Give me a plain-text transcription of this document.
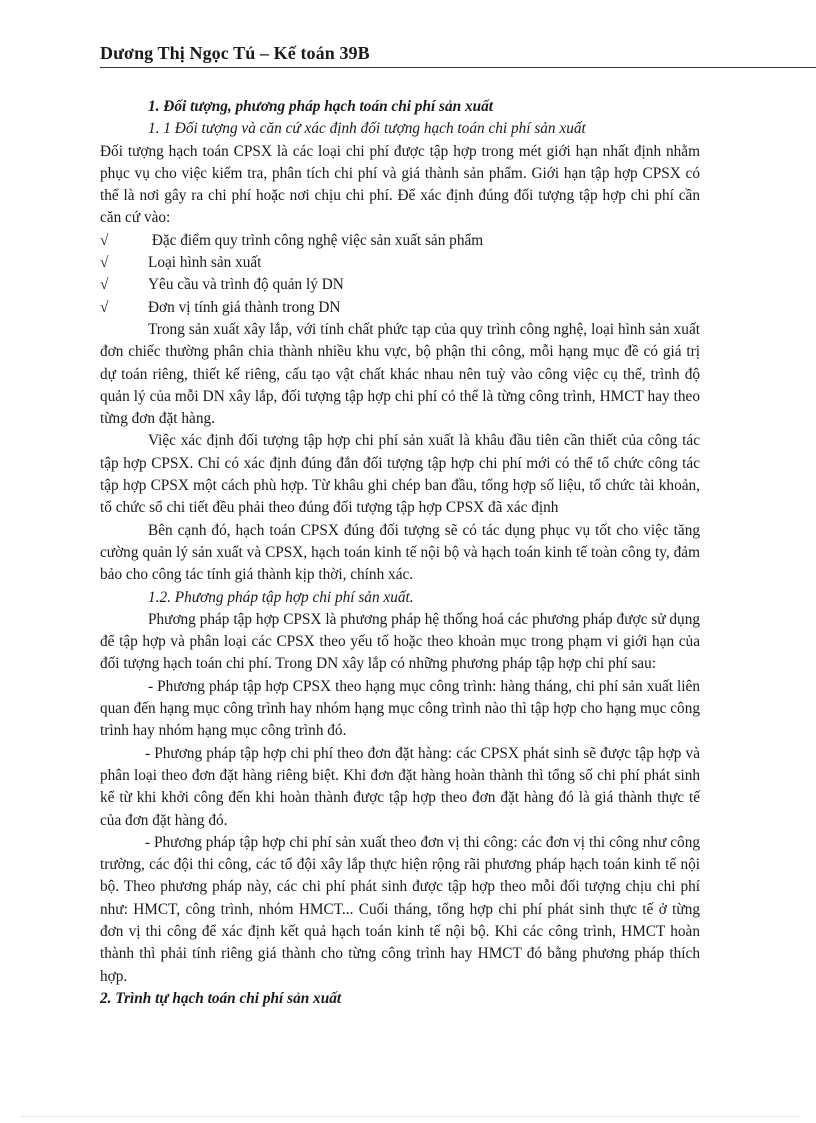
Dương Thị Ngọc Tú – Kế toán 39B

1. Đối tượng, phương pháp hạch toán chi phí sản xuất

1. 1 Đối tượng và căn cứ xác định đối tượng hạch toán chi phí sản xuất

Đối tượng hạch toán CPSX là các loại chi phí được tập hợp trong mét giới hạn nhất định nhằm phục vụ cho việc kiểm tra, phân tích chi phí và giá thành sản phẩm. Giới hạn tập hợp CPSX có thể là nơi gây ra chi phí hoặc nơi chịu chi phí. Để xác định đúng đối tượng tập hợp chi phí cần căn cứ vào:

√	Đặc điểm quy trình công nghệ việc sản xuất sản phẩm
√	Loại hình sản xuất
√	Yêu cầu và trình độ quản lý DN
√	Đơn vị tính giá thành trong DN

Trong sản xuất xây lắp, với tính chất phức tạp của quy trình công nghệ, loại hình sản xuất đơn chiếc thường phân chia thành nhiều khu vực, bộ phận thi công, mỗi hạng mục đề có giá trị dự toán riêng, thiết kế riêng, cấu tạo vật chất khác nhau nên tuỳ vào công việc cụ thể, trình độ quản lý của mỗi DN xây lắp, đối tượng tập hợp chi phí có thể là từng công trình, HMCT hay theo từng đơn đặt hàng.

Việc xác định đối tượng tập hợp chi phí sản xuất là khâu đầu tiên cần thiết của công tác tập hợp CPSX. Chỉ có xác định đúng đắn đối tượng tập hợp chi phí mới có thể tổ chức công tác tập hợp CPSX một cách phù hợp. Từ khâu ghi chép ban đầu, tổng hợp số liệu, tổ chức tài khoản, tổ chức sổ chi tiết đều phải theo đúng đối tượng tập hợp CPSX đã xác định

Bên cạnh đó, hạch toán CPSX đúng đối tượng sẽ có tác dụng phục vụ tốt cho việc tăng cường quản lý sản xuất và CPSX, hạch toán kinh tế nội bộ và hạch toán kinh tế toàn công ty, đảm bảo cho công tác tính giá thành kịp thời, chính xác.

1.2. Phương pháp tập hợp chi phí sản xuất.

Phương pháp tập hợp CPSX là phương pháp hệ thống hoá các phương pháp được sử dụng để tập hợp và phân loại các CPSX theo yếu tố hoặc theo khoản mục trong phạm vi giới hạn của đối tượng hạch toán chi phí. Trong DN xây lắp có những phương pháp tập hợp chi phí sau:

- Phương pháp tập hợp CPSX theo hạng mục công trình: hàng tháng, chi phí sản xuất liên quan đến hạng mục công trình hay nhóm hạng mục công trình nào thì tập hợp cho hạng mục công trình hay nhóm hạng mục công trình đó.

- Phương pháp tập hợp chi phí theo đơn đặt hàng: các CPSX phát sinh sẽ được tập hợp và phân loại theo đơn đặt hàng riêng biệt. Khi đơn đặt hàng hoàn thành thì tổng số chi phí phát sinh kể từ khi khởi công đến khi hoàn thành được tập hợp theo đơn đặt hàng đó là giá thành thực tế của đơn đặt hàng đó.

- Phương pháp tập hợp chi phí sản xuất theo đơn vị thi công: các đơn vị thi công như công trường, các đội thi công, các tổ đội xây lắp thực hiện rộng rãi phương pháp hạch toán kinh tế nội bộ. Theo phương pháp này, các chi phí phát sinh được tập hợp theo mỗi đối tượng chịu chi phí như: HMCT, công trình, nhóm HMCT... Cuối tháng, tổng hợp chi phí phát sinh thực tế ở từng đơn vị thi công để xác định kết quả hạch toán kinh tế nội bộ. Khi các công trình, HMCT hoàn thành thì phải tính riêng giá thành cho từng công trình hay HMCT đó bằng phương pháp thích hợp.

2. Trình tự hạch toán chi phí sản xuất
